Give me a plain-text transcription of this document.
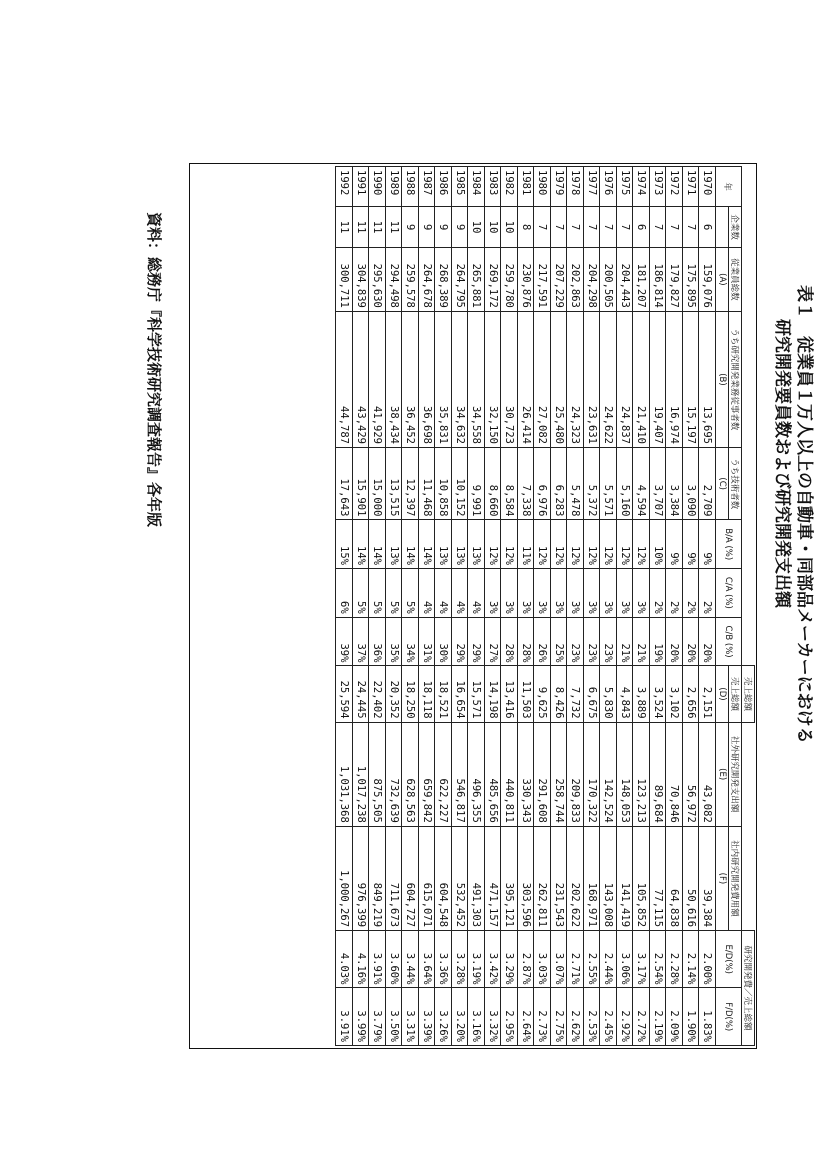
表１　従業員１万人以上の自動車・同部品メーカーにおける
研究開発要員数および研究開発支出額
								売上総額			研究開発費／売上総額	
年	企業数	従業員総数	うち研究開発業務従事者数	うち技術者数	B/A (%)	C/A (%)	C/B (%)	売上総額	社外研究開発支出額	社内研究開発費用額	E/D(%)	F/D(%)
		(A)	(B)	(C)				(D)	(E)	(F)		
1970	6	159,076	13,695	2,709	9%	2%	20%	2,151	43,082	39,384	2.00%	1.83%
1971	7	175,895	15,197	3,090	9%	2%	20%	2,656	56,972	50,616	2.14%	1.90%
1972	7	179,827	16,974	3,384	9%	2%	20%	3,102	70,846	64,838	2.28%	2.09%
1973	7	186,814	19,407	3,707	10%	2%	19%	3,524	89,684	77,115	2.54%	2.19%
1974	6	181,207	21,410	4,594	12%	3%	21%	3,889	123,213	105,852	3.17%	2.72%
1975	7	204,443	24,837	5,160	12%	3%	21%	4,843	148,053	141,419	3.06%	2.92%
1976	7	200,505	24,622	5,571	12%	3%	23%	5,830	142,524	143,008	2.44%	2.45%
1977	7	204,298	23,631	5,372	12%	3%	23%	6,675	170,322	168,971	2.55%	2.53%
1978	7	202,863	24,323	5,478	12%	3%	23%	7,732	209,833	202,622	2.71%	2.62%
1979	7	207,229	25,480	6,283	12%	3%	25%	8,426	258,744	231,543	3.07%	2.75%
1980	7	217,591	27,082	6,976	12%	3%	26%	9,625	291,608	262,811	3.03%	2.73%
1981	8	230,876	26,414	7,338	11%	3%	28%	11,503	330,343	303,596	2.87%	2.64%
1982	10	259,780	30,723	8,584	12%	3%	28%	13,416	440,811	395,121	3.29%	2.95%
1983	10	269,172	32,150	8,660	12%	3%	27%	14,198	485,656	471,157	3.42%	3.32%
1984	10	265,881	34,558	9,991	13%	4%	29%	15,571	496,355	491,303	3.19%	3.16%
1985	9	264,795	34,632	10,152	13%	4%	29%	16,654	546,817	532,452	3.28%	3.20%
1986	9	268,389	35,831	10,858	13%	4%	30%	18,521	622,227	604,548	3.36%	3.26%
1987	9	264,678	36,698	11,468	14%	4%	31%	18,118	659,842	615,071	3.64%	3.39%
1988	9	259,578	36,452	12,397	14%	5%	34%	18,250	628,563	604,727	3.44%	3.31%
1989	11	294,498	38,434	13,515	13%	5%	35%	20,352	732,639	711,673	3.60%	3.50%
1990	11	295,630	41,929	15,000	14%	5%	36%	22,402	875,505	849,219	3.91%	3.79%
1991	11	304,839	43,429	15,901	14%	5%	37%	24,445	1,017,238	976,399	4.16%	3.99%
1992	11	300,711	44,787	17,643	15%	6%	39%	25,594	1,031,368	1,000,267	4.03%	3.91%
資料：総務庁『科学技術研究調査報告』各年版
